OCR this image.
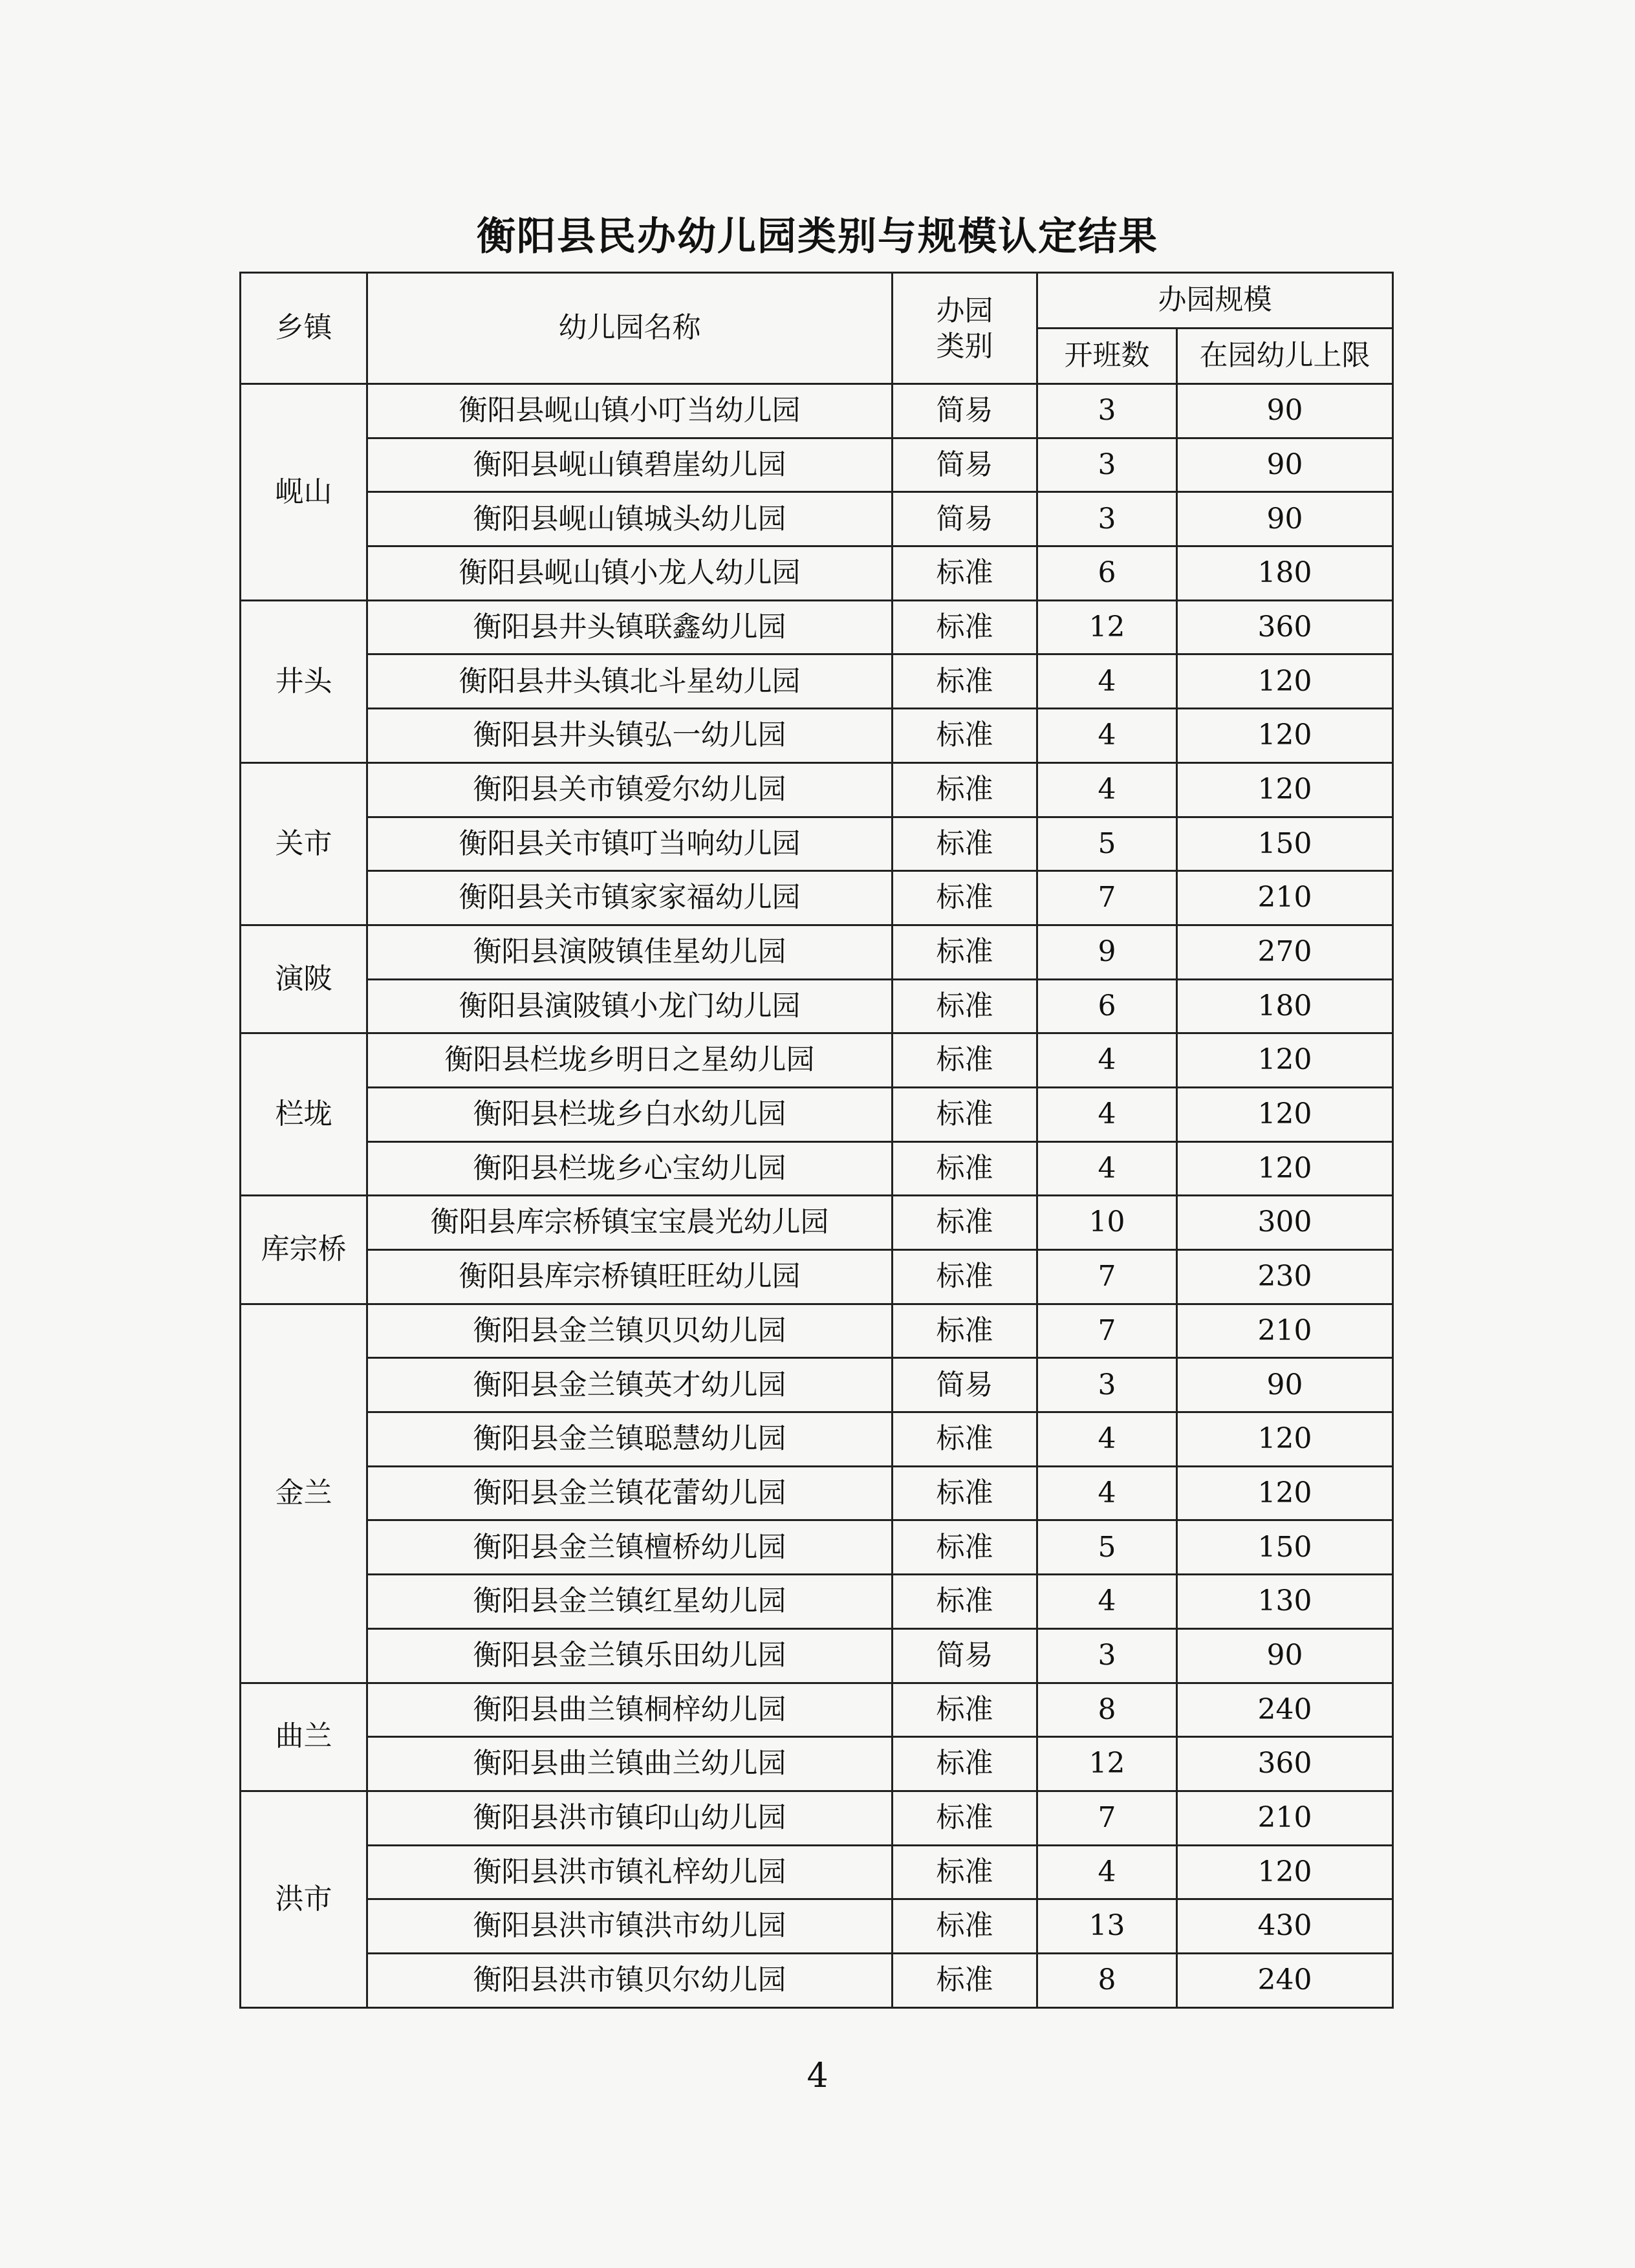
衡阳县民办幼儿园类别与规模认定结果
乡镇	幼儿园名称	办园类别	办园规模	
			开班数	在园幼儿上限
岘山	衡阳县岘山镇小叮当幼儿园	简易	3	90
	衡阳县岘山镇碧崖幼儿园	简易	3	90
	衡阳县岘山镇城头幼儿园	简易	3	90
	衡阳县岘山镇小龙人幼儿园	标准	6	180
井头	衡阳县井头镇联鑫幼儿园	标准	12	360
	衡阳县井头镇北斗星幼儿园	标准	4	120
	衡阳县井头镇弘一幼儿园	标准	4	120
关市	衡阳县关市镇爱尔幼儿园	标准	4	120
	衡阳县关市镇叮当响幼儿园	标准	5	150
	衡阳县关市镇家家福幼儿园	标准	7	210
演陂	衡阳县演陂镇佳星幼儿园	标准	9	270
	衡阳县演陂镇小龙门幼儿园	标准	6	180
栏垅	衡阳县栏垅乡明日之星幼儿园	标准	4	120
	衡阳县栏垅乡白水幼儿园	标准	4	120
	衡阳县栏垅乡心宝幼儿园	标准	4	120
库宗桥	衡阳县库宗桥镇宝宝晨光幼儿园	标准	10	300
	衡阳县库宗桥镇旺旺幼儿园	标准	7	230
金兰	衡阳县金兰镇贝贝幼儿园	标准	7	210
	衡阳县金兰镇英才幼儿园	简易	3	90
	衡阳县金兰镇聪慧幼儿园	标准	4	120
	衡阳县金兰镇花蕾幼儿园	标准	4	120
	衡阳县金兰镇檀桥幼儿园	标准	5	150
	衡阳县金兰镇红星幼儿园	标准	4	130
	衡阳县金兰镇乐田幼儿园	简易	3	90
曲兰	衡阳县曲兰镇桐梓幼儿园	标准	8	240
	衡阳县曲兰镇曲兰幼儿园	标准	12	360
洪市	衡阳县洪市镇印山幼儿园	标准	7	210
	衡阳县洪市镇礼梓幼儿园	标准	4	120
	衡阳县洪市镇洪市幼儿园	标准	13	430
	衡阳县洪市镇贝尔幼儿园	标准	8	240
4
